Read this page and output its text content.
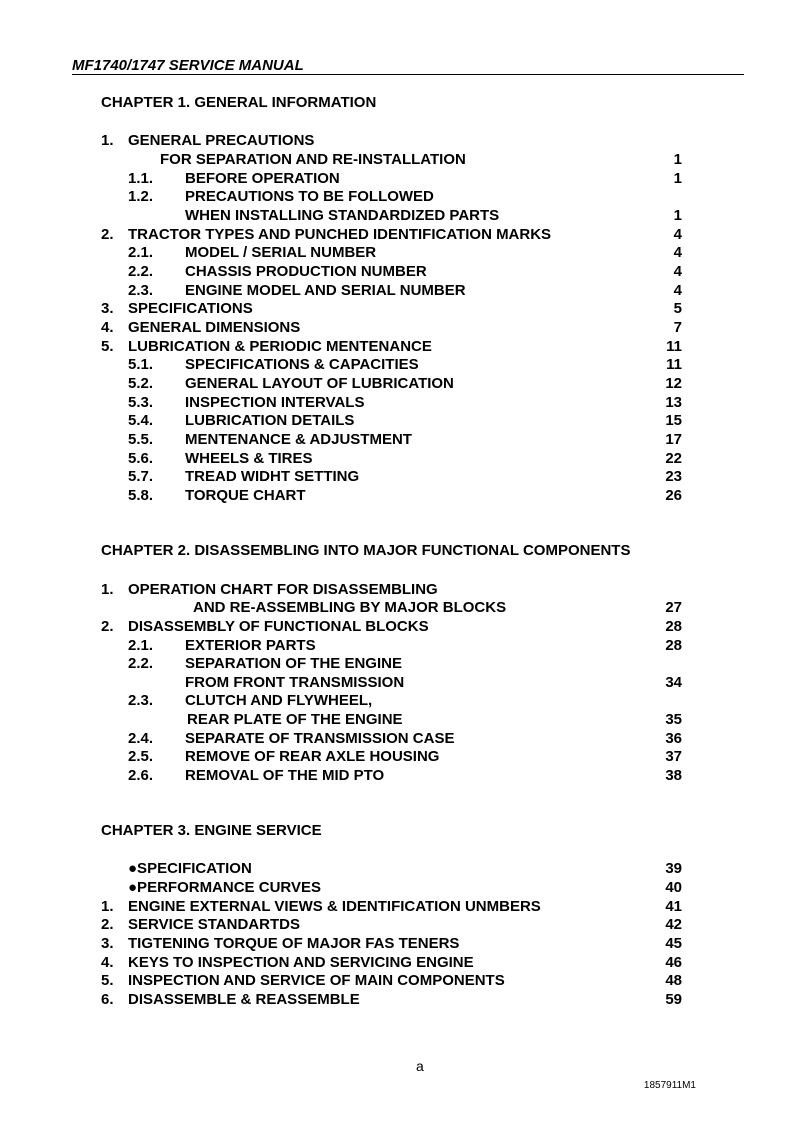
MF1740/1747 SERVICE MANUAL
CHAPTER 1. GENERAL INFORMATION
1. GENERAL PRECAUTIONS
FOR SEPARATION AND RE-INSTALLATION	1
1.1. BEFORE OPERATION	1
1.2. PRECAUTIONS TO BE FOLLOWED
WHEN INSTALLING STANDARDIZED PARTS	1
2. TRACTOR TYPES AND PUNCHED IDENTIFICATION MARKS	4
2.1. MODEL / SERIAL NUMBER	4
2.2. CHASSIS PRODUCTION NUMBER	4
2.3. ENGINE MODEL AND SERIAL NUMBER	4
3. SPECIFICATIONS	5
4. GENERAL DIMENSIONS	7
5. LUBRICATION & PERIODIC MENTENANCE	11
5.1. SPECIFICATIONS & CAPACITIES	11
5.2. GENERAL LAYOUT OF LUBRICATION	12
5.3. INSPECTION INTERVALS	13
5.4. LUBRICATION DETAILS	15
5.5. MENTENANCE & ADJUSTMENT	17
5.6. WHEELS & TIRES	22
5.7. TREAD WIDHT SETTING	23
5.8. TORQUE CHART	26
CHAPTER 2. DISASSEMBLING INTO MAJOR FUNCTIONAL COMPONENTS
1. OPERATION CHART FOR DISASSEMBLING
AND RE-ASSEMBLING BY MAJOR BLOCKS	27
2. DISASSEMBLY OF FUNCTIONAL BLOCKS	28
2.1. EXTERIOR PARTS	28
2.2. SEPARATION OF THE ENGINE
FROM FRONT TRANSMISSION	34
2.3. CLUTCH AND FLYWHEEL,
REAR PLATE OF THE ENGINE	35
2.4. SEPARATE OF TRANSMISSION CASE	36
2.5. REMOVE OF REAR AXLE HOUSING	37
2.6. REMOVAL OF THE MID PTO	38
CHAPTER 3. ENGINE SERVICE
●SPECIFICATION	39
●PERFORMANCE CURVES	40
1. ENGINE EXTERNAL VIEWS & IDENTIFICATION UNMBERS	41
2. SERVICE STANDARTDS	42
3. TIGTENING TORQUE OF MAJOR FAS TENERS	45
4. KEYS TO INSPECTION AND SERVICING ENGINE	46
5. INSPECTION AND SERVICE OF MAIN COMPONENTS	48
6. DISASSEMBLE & REASSEMBLE	59
a
1857911M1
